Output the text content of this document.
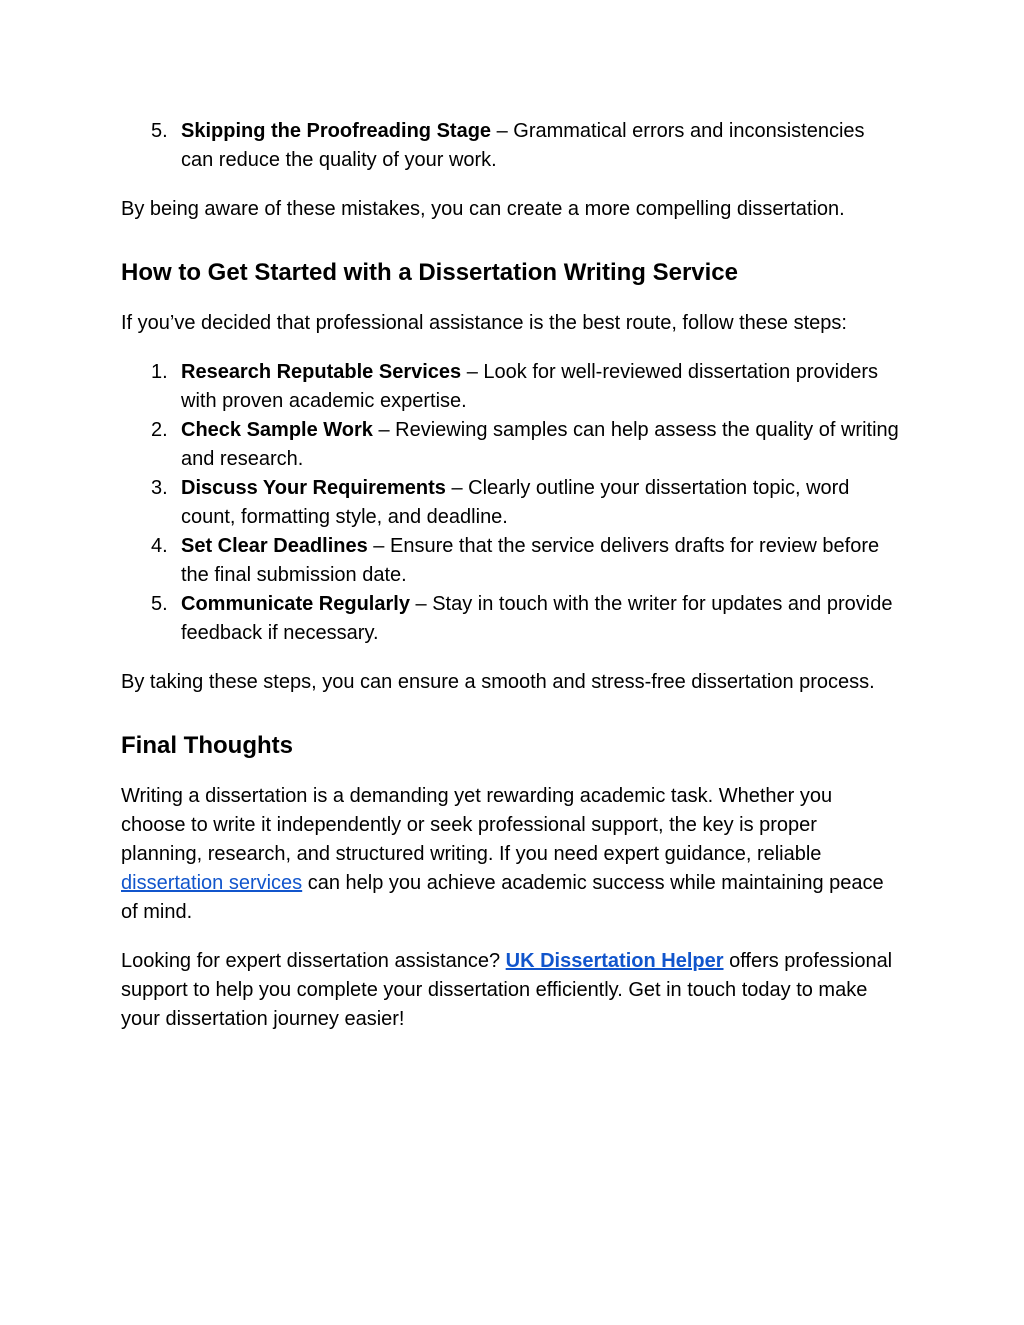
5. Skipping the Proofreading Stage – Grammatical errors and inconsistencies can reduce the quality of your work.

By being aware of these mistakes, you can create a more compelling dissertation.

How to Get Started with a Dissertation Writing Service

If you’ve decided that professional assistance is the best route, follow these steps:

1. Research Reputable Services – Look for well-reviewed dissertation providers with proven academic expertise.
2. Check Sample Work – Reviewing samples can help assess the quality of writing and research.
3. Discuss Your Requirements – Clearly outline your dissertation topic, word count, formatting style, and deadline.
4. Set Clear Deadlines – Ensure that the service delivers drafts for review before the final submission date.
5. Communicate Regularly – Stay in touch with the writer for updates and provide feedback if necessary.

By taking these steps, you can ensure a smooth and stress-free dissertation process.

Final Thoughts

Writing a dissertation is a demanding yet rewarding academic task. Whether you choose to write it independently or seek professional support, the key is proper planning, research, and structured writing. If you need expert guidance, reliable dissertation services can help you achieve academic success while maintaining peace of mind.

Looking for expert dissertation assistance? UK Dissertation Helper offers professional support to help you complete your dissertation efficiently. Get in touch today to make your dissertation journey easier!
